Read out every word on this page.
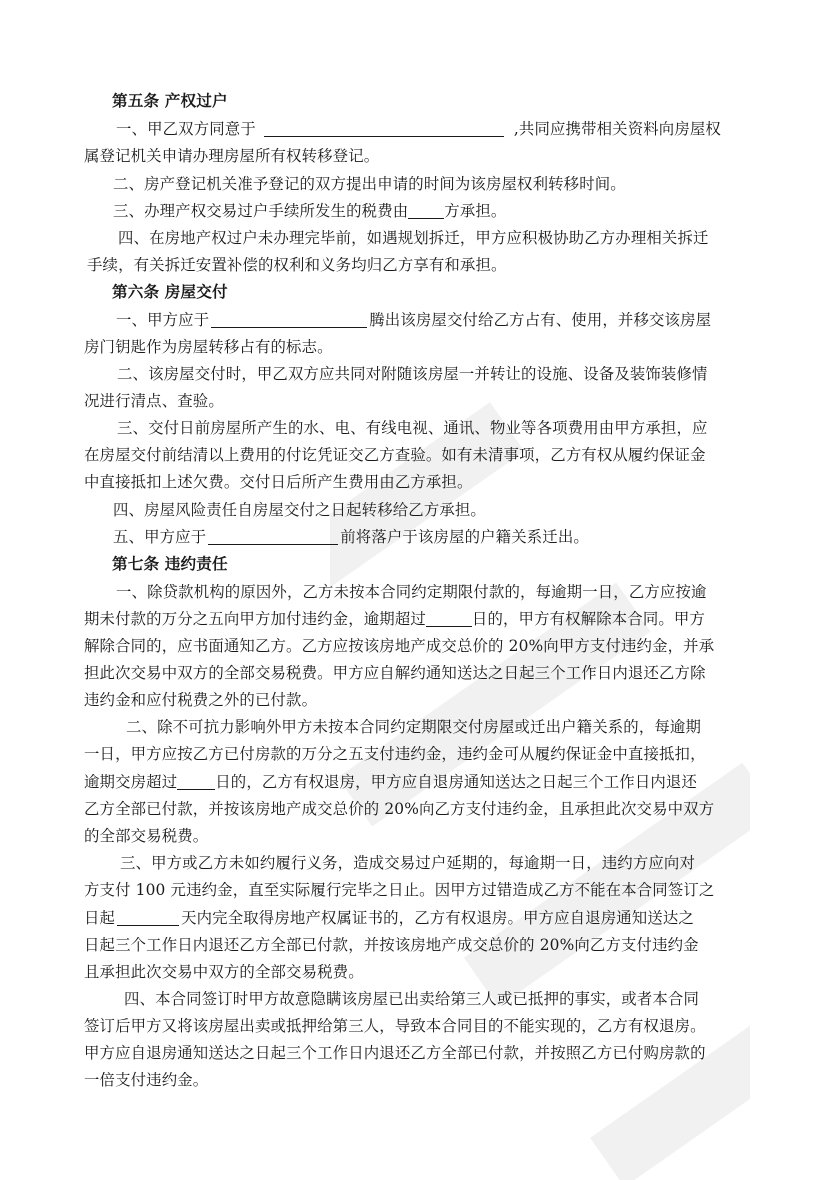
第五条 产权过户
一、甲乙双方同意于	,共同应携带相关资料向房屋权
属登记机关申请办理房屋所有权转移登记。
二、房产登记机关准予登记的双方提出申请的时间为该房屋权利转移时间。
三、办理产权交易过户手续所发生的税费由 方承担。
四、在房地产权过户未办理完毕前，如遇规划拆迁，甲方应积极协助乙方办理相关拆迁
手续，有关拆迁安置补偿的权利和义务均归乙方享有和承担。
第六条 房屋交付
一、甲方应于	腾出该房屋交付给乙方占有、使用，并移交该房屋
房门钥匙作为房屋转移占有的标志。
二、该房屋交付时，甲乙双方应共同对附随该房屋一并转让的设施、设备及装饰装修情
况进行清点、查验。
三、交付日前房屋所产生的水、电、有线电视、通讯、物业等各项费用由甲方承担，应
在房屋交付前结清以上费用的付讫凭证交乙方查验。如有未清事项，乙方有权从履约保证金
中直接抵扣上述欠费。交付日后所产生费用由乙方承担。
四、房屋风险责任自房屋交付之日起转移给乙方承担。
五、甲方应于	前将落户于该房屋的户籍关系迁出。
第七条 违约责任
一、除贷款机构的原因外，乙方未按本合同约定期限付款的，每逾期一日，乙方应按逾
期未付款的万分之五向甲方加付违约金，逾期超过	日的，甲方有权解除本合同。甲方
解除合同的，应书面通知乙方。乙方应按该房地产成交总价的 20%向甲方支付违约金，并承
担此次交易中双方的全部交易税费。甲方应自解约通知送达之日起三个工作日内退还乙方除
违约金和应付税费之外的已付款。
二、除不可抗力影响外甲方未按本合同约定期限交付房屋或迁出户籍关系的，每逾期
一日，甲方应按乙方已付房款的万分之五支付违约金，违约金可从履约保证金中直接抵扣，
逾期交房超过 日的，乙方有权退房，甲方应自退房通知送达之日起三个工作日内退还
乙方全部已付款，并按该房地产成交总价的 20%向乙方支付违约金，且承担此次交易中双方
的全部交易税费。
三、甲方或乙方未如约履行义务，造成交易过户延期的，每逾期一日，违约方应向对
方支付 100 元违约金，直至实际履行完毕之日止。因甲方过错造成乙方不能在本合同签订之
日起	天内完全取得房地产权属证书的，乙方有权退房。甲方应自退房通知送达之
日起三个工作日内退还乙方全部已付款，并按该房地产成交总价的 20%向乙方支付违约金
且承担此次交易中双方的全部交易税费。
四、本合同签订时甲方故意隐瞒该房屋已出卖给第三人或已抵押的事实，或者本合同
签订后甲方又将该房屋出卖或抵押给第三人，导致本合同目的不能实现的，乙方有权退房。
甲方应自退房通知送达之日起三个工作日内退还乙方全部已付款，并按照乙方已付购房款的
一倍支付违约金。
